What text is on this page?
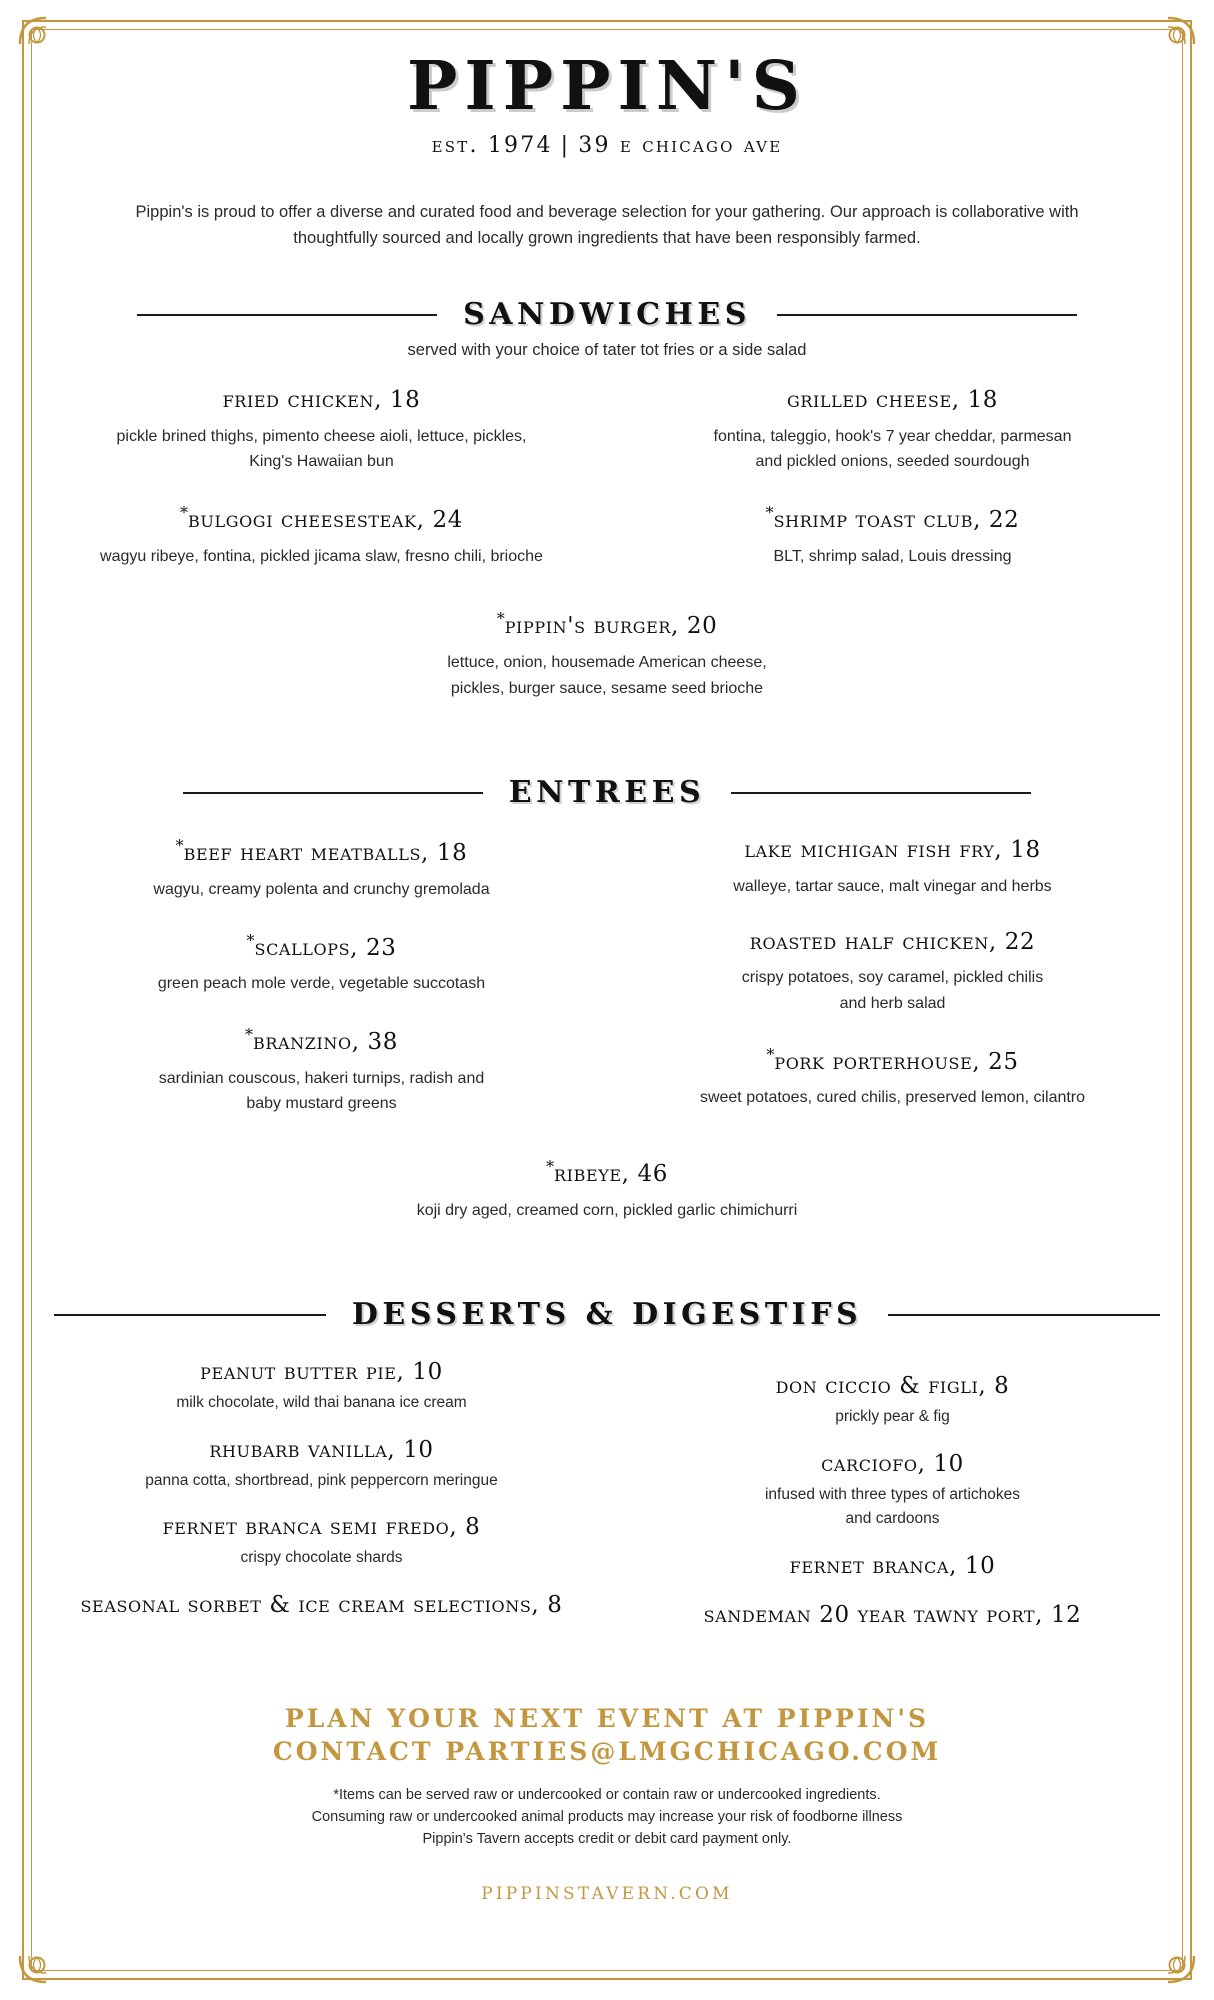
PIPPIN'S
est. 1974 | 39 e chicago ave
Pippin's is proud to offer a diverse and curated food and beverage selection for your gathering. Our approach is collaborative with thoughtfully sourced and locally grown ingredients that have been responsibly farmed.
SANDWICHES
served with your choice of tater tot fries or a side salad
fried chicken, 18
pickle brined thighs, pimento cheese aioli, lettuce, pickles,
King's Hawaiian bun
*bulgogi cheesesteak, 24
wagyu ribeye, fontina, pickled jicama slaw, fresno chili, brioche
grilled cheese, 18
fontina, taleggio, hook's 7 year cheddar, parmesan
and pickled onions, seeded sourdough
*shrimp toast club, 22
BLT, shrimp salad, Louis dressing
*pippin's burger, 20
lettuce, onion, housemade American cheese,
pickles, burger sauce, sesame seed brioche
ENTREES
*beef heart meatballs, 18
wagyu, creamy polenta and crunchy gremolada
*scallops, 23
green peach mole verde, vegetable succotash
*branzino, 38
sardinian couscous, hakeri turnips, radish and
baby mustard greens
lake michigan fish fry, 18
walleye, tartar sauce, malt vinegar and herbs
roasted half chicken, 22
crispy potatoes, soy caramel, pickled chilis
and herb salad
*pork porterhouse, 25
sweet potatoes, cured chilis, preserved lemon, cilantro
*ribeye, 46
koji dry aged, creamed corn, pickled garlic chimichurri
DESSERTS & DIGESTIFS
peanut butter pie, 10
milk chocolate, wild thai banana ice cream
rhubarb vanilla, 10
panna cotta, shortbread, pink peppercorn meringue
fernet branca semi fredo, 8
crispy chocolate shards
seasonal sorbet & ice cream selections, 8
don ciccio & figli, 8
prickly pear & fig
carciofo, 10
infused with three types of artichokes
and cardoons
fernet branca, 10
sandeman 20 year tawny port, 12
PLAN YOUR NEXT EVENT AT PIPPIN'S
CONTACT PARTIES@LMGCHICAGO.COM
*Items can be served raw or undercooked or contain raw or undercooked ingredients.
Consuming raw or undercooked animal products may increase your risk of foodborne illness
Pippin's Tavern accepts credit or debit card payment only.
PIPPINSTAVERN.COM
